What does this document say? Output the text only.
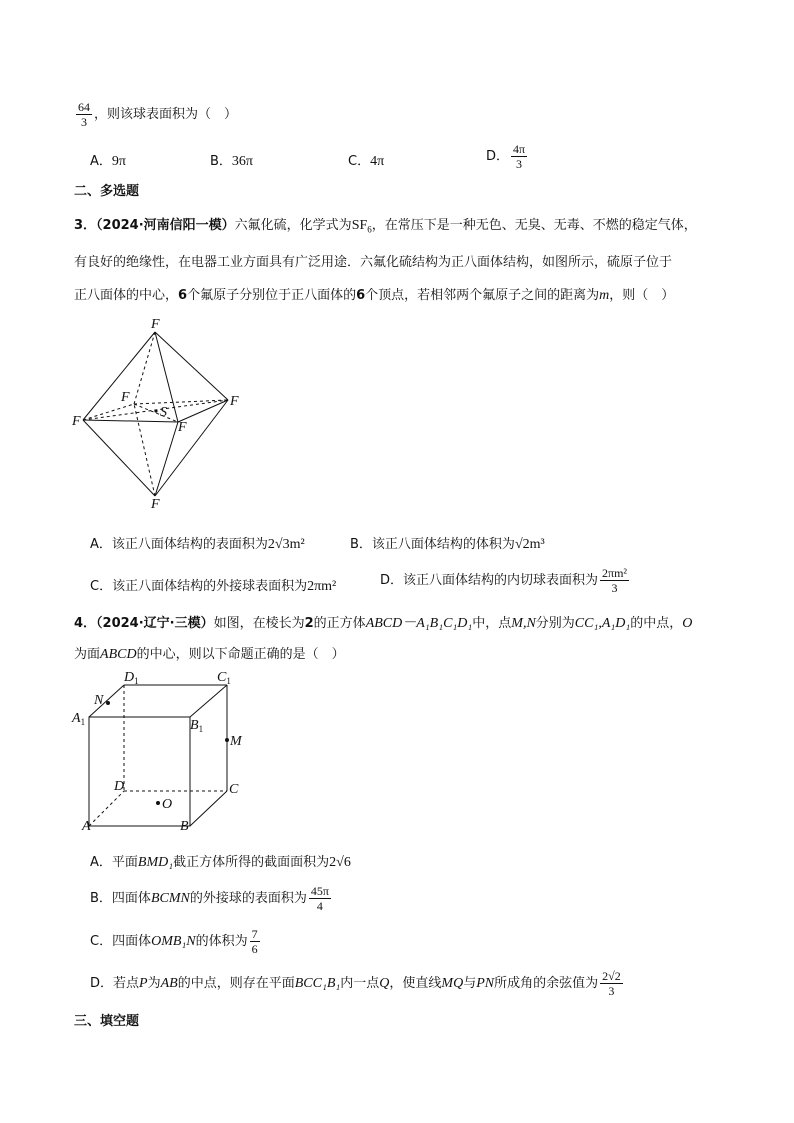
$\frac{64}{3}$ ，则该球表面积为（　）
A．9π	B．36π	C．4π	D． $\frac{4\pi}{3}$
二、多选题
3．（2024·河南信阳一模）六氟化硫，化学式为$SF_6$，在常压下是一种无色、无臭、无毒、不燃的稳定气体，
有良好的绝缘性，在电器工业方面具有广泛用途．六氟化硫结构为正八面体结构，如图所示，硫原子位于
正八面体的中心，6个氟原子分别位于正八面体的6个顶点，若相邻两个氟原子之间的距离为m，则（　）
F
F
F
F
F
F
S
A．该正八面体结构的表面积为2√3m²	B．该正八面体结构的体积为√2m³
C．该正八面体结构的外接球表面积为2πm²	D．该正八面体结构的内切球表面积为 $\frac{\text{2πm²}}{3}$
4．（2024·辽宁·三模）如图，在棱长为2的正方体ABCD－A₁B₁C₁D₁中，点M,N分别为CC₁,A₁D₁的中点，O
为面ABCD的中心，则以下命题正确的是（　）
N
$A_1$
$D_1$	$C_1$
$B_1$
M
D	C
O
A	B
A．平面BMD₁截正方体所得的截面面积为2√6
B．四面体BCMN的外接球的表面积为 $\frac{45\pi}{4}$
C．四面体OMB₁N的体积为 $\frac{7}{6}$
D．若点P为AB的中点，则存在平面BCC₁B₁内一点Q，使直线MQ与PN所成角的余弦值为 $\frac{2√2}{3}$
三、填空题
